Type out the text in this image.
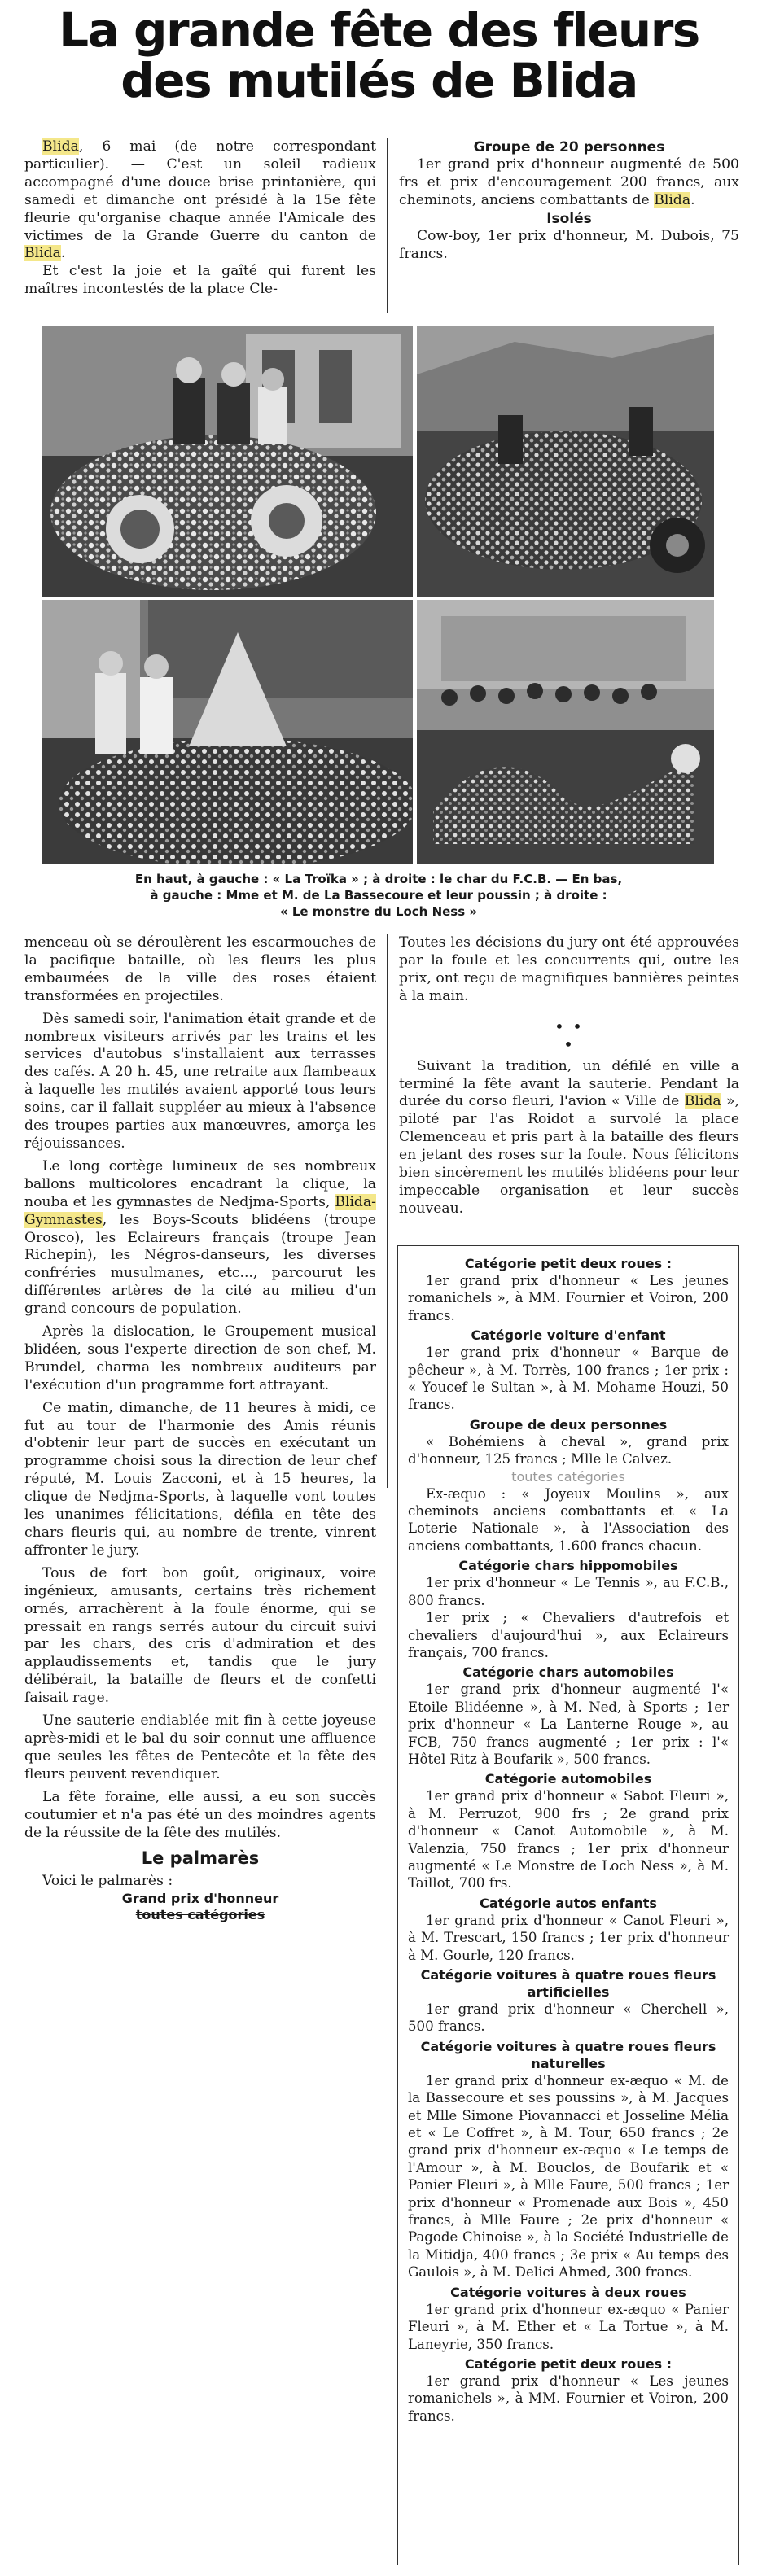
La grande fête des fleurs
des mutilés de Blida

Blida, 6 mai (de notre correspondant particulier). — C'est un soleil radieux accompagné d'une douce brise printanière, qui samedi et dimanche ont présidé à la 15e fête fleurie qu'organise chaque année l'Amicale des victimes de la Grande Guerre du canton de Blida.

Et c'est la joie et la gaîté qui furent les maîtres incontestés de la place Cle-

Groupe de 20 personnes

1er grand prix d'honneur augmenté de 500 frs et prix d'encouragement 200 francs, aux cheminots, anciens combattants de Blida.

Isolés

Cow-boy, 1er prix d'honneur, M. Dubois, 75 francs.

En haut, à gauche : « La Troïka » ; à droite : le char du F.C.B. — En bas,
à gauche : Mme et M. de La Bassecoure et leur poussin ; à droite :
« Le monstre du Loch Ness »

menceau où se déroulèrent les escarmouches de la pacifique bataille, où les fleurs les plus embaumées de la ville des roses étaient transformées en projectiles.

Dès samedi soir, l'animation était grande et de nombreux visiteurs arrivés par les trains et les services d'autobus s'installaient aux terrasses des cafés. A 20 h. 45, une retraite aux flambeaux à laquelle les mutilés avaient apporté tous leurs soins, car il fallait suppléer au mieux à l'absence des troupes parties aux manœuvres, amorça les réjouissances.

Le long cortège lumineux de ses nombreux ballons multicolores encadrant la clique, la nouba et les gymnastes de Nedjma-Sports, Blida-Gymnastes, les Boys-Scouts blidéens (troupe Orosco), les Eclaireurs français (troupe Jean Richepin), les Négros-danseurs, les diverses confréries musulmanes, etc..., parcourut les différentes artères de la cité au milieu d'un grand concours de population.

Après la dislocation, le Groupement musical blidéen, sous l'experte direction de son chef, M. Brundel, charma les nombreux auditeurs par l'exécution d'un programme fort attrayant.

Ce matin, dimanche, de 11 heures à midi, ce fut au tour de l'harmonie des Amis réunis d'obtenir leur part de succès en exécutant un programme choisi sous la direction de leur chef réputé, M. Louis Zacconi, et à 15 heures, la clique de Nedjma-Sports, à laquelle vont toutes les unanimes félicitations, défila en tête des chars fleuris qui, au nombre de trente, vinrent affronter le jury.

Tous de fort bon goût, originaux, voire ingénieux, amusants, certains très richement ornés, arrachèrent à la foule énorme, qui se pressait en rangs serrés autour du circuit suivi par les chars, des cris d'admiration et des applaudissements et, tandis que le jury délibérait, la bataille de fleurs et de confetti faisait rage.

Une sauterie endiablée mit fin à cette joyeuse après-midi et le bal du soir connut une affluence que seules les fêtes de Pentecôte et la fête des fleurs peuvent revendiquer.

La fête foraine, elle aussi, a eu son succès coutumier et n'a pas été un des moindres agents de la réussite de la fête des mutilés.

Le palmarès

Voici le palmarès :

Grand prix d'honneur
toutes catégories

Toutes les décisions du jury ont été approuvées par la foule et les concurrents qui, outre les prix, ont reçu de magnifiques bannières peintes à la main.

• •
•

Suivant la tradition, un défilé en ville a terminé la fête avant la sauterie. Pendant la durée du corso fleuri, l'avion « Ville de Blida », piloté par l'as Roidot a survolé la place Clemenceau et pris part à la bataille des fleurs en jetant des roses sur la foule. Nous félicitons bien sincèrement les mutilés blidéens pour leur impeccable organisation et leur succès nouveau.

Catégorie petit deux roues :

1er grand prix d'honneur « Les jeunes romanichels », à MM. Fournier et Voiron, 200 francs.

Catégorie voiture d'enfant

1er grand prix d'honneur « Barque de pêcheur », à M. Torrès, 100 francs ; 1er prix : « Youcef le Sultan », à M. Mohame Houzi, 50 francs.

Groupe de deux personnes

« Bohémiens à cheval », grand prix d'honneur, 125 francs ; Mlle le Calvez.

toutes catégories

Ex-æquo : « Joyeux Moulins », aux cheminots anciens combattants et « La Loterie Nationale », à l'Association des anciens combattants, 1.600 francs chacun.

Catégorie chars hippomobiles

1er prix d'honneur « Le Tennis », au F.C.B., 800 francs.

1er prix ; « Chevaliers d'autrefois et chevaliers d'aujourd'hui », aux Eclaireurs français, 700 francs.

Catégorie chars automobiles

1er grand prix d'honneur augmenté l'« Etoile Blidéenne », à M. Ned, à Sports ; 1er prix d'honneur « La Lanterne Rouge », au FCB, 750 francs augmenté ; 1er prix : l'« Hôtel Ritz à Boufarik », 500 francs.

Catégorie automobiles

1er grand prix d'honneur « Sabot Fleuri », à M. Perruzot, 900 frs ; 2e grand prix d'honneur « Canot Automobile », à M. Valenzia, 750 francs ; 1er prix d'honneur augmenté « Le Monstre de Loch Ness », à M. Taillot, 700 frs.

Catégorie autos enfants

1er grand prix d'honneur « Canot Fleuri », à M. Trescart, 150 francs ; 1er prix d'honneur à M. Gourle, 120 francs.

Catégorie voitures à quatre roues fleurs artificielles

1er grand prix d'honneur « Cherchell », 500 francs.

Catégorie voitures à quatre roues fleurs naturelles

1er grand prix d'honneur ex-æquo « M. de la Bassecoure et ses poussins », à M. Jacques et Mlle Simone Piovannacci et Josseline Mélia et « Le Coffret », à M. Tour, 650 francs ; 2e grand prix d'honneur ex-æquo « Le temps de l'Amour », à M. Bouclos, de Boufarik et « Panier Fleuri », à Mlle Faure, 500 francs ; 1er prix d'honneur « Promenade aux Bois », 450 francs, à Mlle Faure ; 2e prix d'honneur « Pagode Chinoise », à la Société Industrielle de la Mitidja, 400 francs ; 3e prix « Au temps des Gaulois », à M. Delici Ahmed, 300 francs.

Catégorie voitures à deux roues

1er grand prix d'honneur ex-æquo « Panier Fleuri », à M. Ether et « La Tortue », à M. Laneyrie, 350 francs.

Catégorie petit deux roues :

1er grand prix d'honneur « Les jeunes romanichels », à MM. Fournier et Voiron, 200 francs.
